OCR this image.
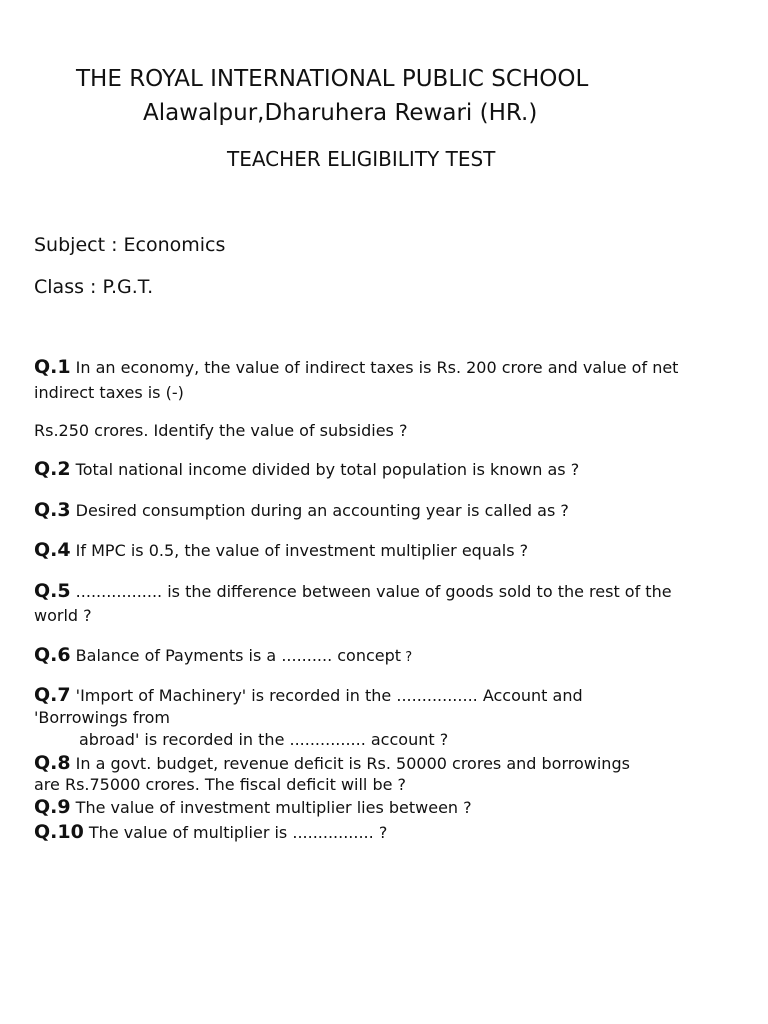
THE ROYAL INTERNATIONAL PUBLIC SCHOOL
Alawalpur,Dharuhera Rewari (HR.)
TEACHER ELIGIBILITY TEST
Subject : Economics
Class : P.G.T.
Q.1 In an economy, the value of indirect taxes is Rs. 200 crore and value of net
indirect taxes is (-)
Rs.250 crores. Identify the value of subsidies ?
Q.2 Total national income divided by total population is known as ?
Q.3 Desired consumption during an accounting year is called as ?
Q.4 If MPC is 0.5, the value of investment multiplier equals ?
Q.5 ................. is the difference between value of goods sold to the rest of the
world ?
Q.6 Balance of Payments is a .......... concept ?
Q.7 'Import of Machinery' is recorded in the ................ Account and
'Borrowings from
abroad' is recorded in the ............... account ?
Q.8 In a govt. budget, revenue deficit is Rs. 50000 crores and borrowings
are Rs.75000 crores. The fiscal deficit will be ?
Q.9 The value of investment multiplier lies between ?
Q.10 The value of multiplier is ................ ?
